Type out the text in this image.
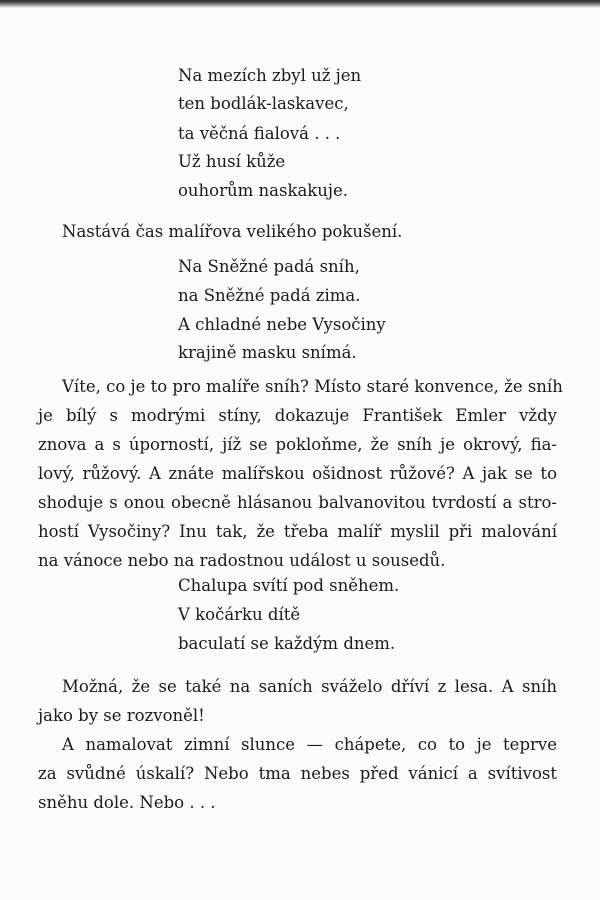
Na mezích zbyl už jen
ten bodlák-laskavec,
ta věčná fialová . . .
Už husí kůže
ouhorům naskakuje.
Nastává čas malířova velikého pokušení.
Na Sněžné padá sníh,
na Sněžné padá zima.
A chladné nebe Vysočiny
krajině masku snímá.
Víte, co je to pro malíře sníh? Místo staré konvence, že sníh
je bílý s modrými stíny, dokazuje František Emler vždy
znova a s úporností, jíž se pokloňme, že sníh je okrový, fia-
lový, růžový. A znáte malířskou ošidnost růžové? A jak se to
shoduje s onou obecně hlásanou balvanovitou tvrdostí a stro-
hostí Vysočiny? Inu tak, že třeba malíř myslil při malování
na vánoce nebo na radostnou událost u sousedů.
Chalupa svítí pod sněhem.
V kočárku dítě
baculatí se každým dnem.
Možná, že se také na saních sváželo dříví z lesa. A sníh
jako by se rozvoněl!
A namalovat zimní slunce — chápete, co to je teprve
za svůdné úskalí? Nebo tma nebes před vánicí a svítivost
sněhu dole. Nebo . . .
